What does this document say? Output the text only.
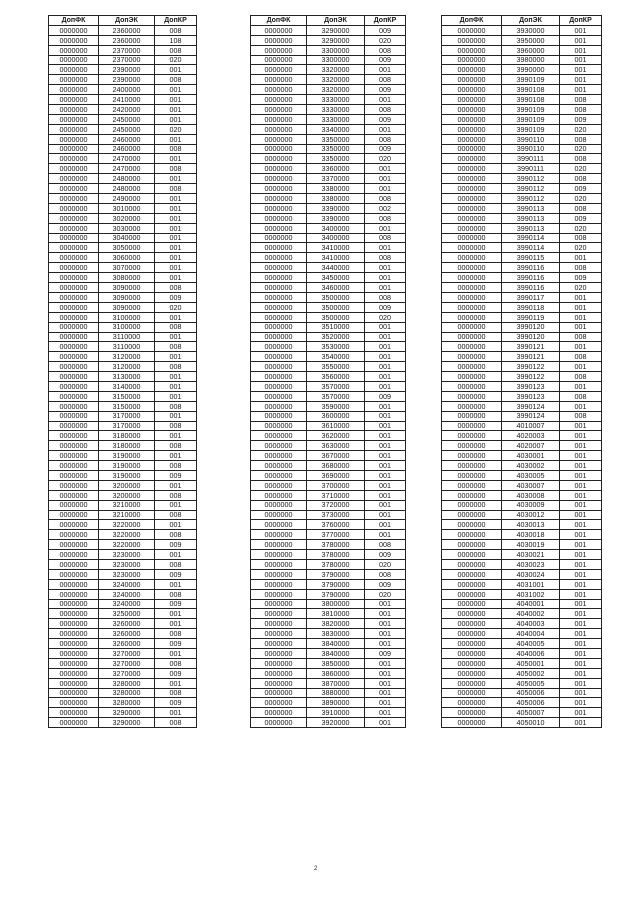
ДопФК	ДопЭК	ДопКР
0000000	2360000	008
0000000	2360000	108
0000000	2370000	008
0000000	2370000	020
0000000	2390000	001
0000000	2390000	008
0000000	2400000	001
0000000	2410000	001
0000000	2420000	001
0000000	2450000	001
0000000	2450000	020
0000000	2460000	001
0000000	2460000	008
0000000	2470000	001
0000000	2470000	008
0000000	2480000	001
0000000	2480000	008
0000000	2490000	001
0000000	3010000	001
0000000	3020000	001
0000000	3030000	001
0000000	3040000	001
0000000	3050000	001
0000000	3060000	001
0000000	3070000	001
0000000	3080000	001
0000000	3090000	008
0000000	3090000	009
0000000	3090000	020
0000000	3100000	001
0000000	3100000	008
0000000	3110000	001
0000000	3110000	008
0000000	3120000	001
0000000	3120000	008
0000000	3130000	001
0000000	3140000	001
0000000	3150000	001
0000000	3150000	008
0000000	3170000	001
0000000	3170000	008
0000000	3180000	001
0000000	3180000	008
0000000	3190000	001
0000000	3190000	008
0000000	3190000	009
0000000	3200000	001
0000000	3200000	008
0000000	3210000	001
0000000	3210000	008
0000000	3220000	001
0000000	3220000	008
0000000	3220000	009
0000000	3230000	001
0000000	3230000	008
0000000	3230000	009
0000000	3240000	001
0000000	3240000	008
0000000	3240000	009
0000000	3250000	001
0000000	3260000	001
0000000	3260000	008
0000000	3260000	009
0000000	3270000	001
0000000	3270000	008
0000000	3270000	009
0000000	3280000	001
0000000	3280000	008
0000000	3280000	009
0000000	3290000	001
0000000	3290000	008
ДопФК	ДопЭК	ДопКР
0000000	3290000	009
0000000	3290000	020
0000000	3300000	008
0000000	3300000	009
0000000	3320000	001
0000000	3320000	008
0000000	3320000	009
0000000	3330000	001
0000000	3330000	008
0000000	3330000	009
0000000	3340000	001
0000000	3350000	008
0000000	3350000	009
0000000	3350000	020
0000000	3360000	001
0000000	3370000	001
0000000	3380000	001
0000000	3380000	008
0000000	3390000	002
0000000	3390000	008
0000000	3400000	001
0000000	3400000	008
0000000	3410000	001
0000000	3410000	008
0000000	3440000	001
0000000	3450000	001
0000000	3460000	001
0000000	3500000	008
0000000	3500000	009
0000000	3500000	020
0000000	3510000	001
0000000	3520000	001
0000000	3530000	001
0000000	3540000	001
0000000	3550000	001
0000000	3560000	001
0000000	3570000	001
0000000	3570000	009
0000000	3590000	001
0000000	3600000	001
0000000	3610000	001
0000000	3620000	001
0000000	3630000	001
0000000	3670000	001
0000000	3680000	001
0000000	3690000	001
0000000	3700000	001
0000000	3710000	001
0000000	3720000	001
0000000	3730000	001
0000000	3760000	001
0000000	3770000	001
0000000	3780000	008
0000000	3780000	009
0000000	3780000	020
0000000	3790000	008
0000000	3790000	009
0000000	3790000	020
0000000	3800000	001
0000000	3810000	001
0000000	3820000	001
0000000	3830000	001
0000000	3840000	001
0000000	3840000	009
0000000	3850000	001
0000000	3860000	001
0000000	3870000	001
0000000	3880000	001
0000000	3890000	001
0000000	3910000	001
0000000	3920000	001
ДопФК	ДопЭК	ДопКР
0000000	3930000	001
0000000	3950000	001
0000000	3960000	001
0000000	3980000	001
0000000	3990000	001
0000000	3990109	001
0000000	3990108	001
0000000	3990108	008
0000000	3990109	008
0000000	3990109	009
0000000	3990109	020
0000000	3990110	008
0000000	3990110	020
0000000	3990111	008
0000000	3990111	020
0000000	3990112	008
0000000	3990112	009
0000000	3990112	020
0000000	3990113	008
0000000	3990113	009
0000000	3990113	020
0000000	3990114	008
0000000	3990114	020
0000000	3990115	001
0000000	3990116	008
0000000	3990116	009
0000000	3990116	020
0000000	3990117	001
0000000	3990118	001
0000000	3990119	001
0000000	3990120	001
0000000	3990120	008
0000000	3990121	001
0000000	3990121	008
0000000	3990122	001
0000000	3990122	008
0000000	3990123	001
0000000	3990123	008
0000000	3990124	001
0000000	3990124	008
0000000	4010007	001
0000000	4020003	001
0000000	4020007	001
0000000	4030001	001
0000000	4030002	001
0000000	4030005	001
0000000	4030007	001
0000000	4030008	001
0000000	4030009	001
0000000	4030012	001
0000000	4030013	001
0000000	4030018	001
0000000	4030019	001
0000000	4030021	001
0000000	4030023	001
0000000	4030024	001
0000000	4031001	001
0000000	4031002	001
0000000	4040001	001
0000000	4040002	001
0000000	4040003	001
0000000	4040004	001
0000000	4040005	001
0000000	4040006	001
0000000	4050001	001
0000000	4050002	001
0000000	4050005	001
0000000	4050006	001
0000000	4050006	001
0000000	4050007	001
0000000	4050010	001
2
